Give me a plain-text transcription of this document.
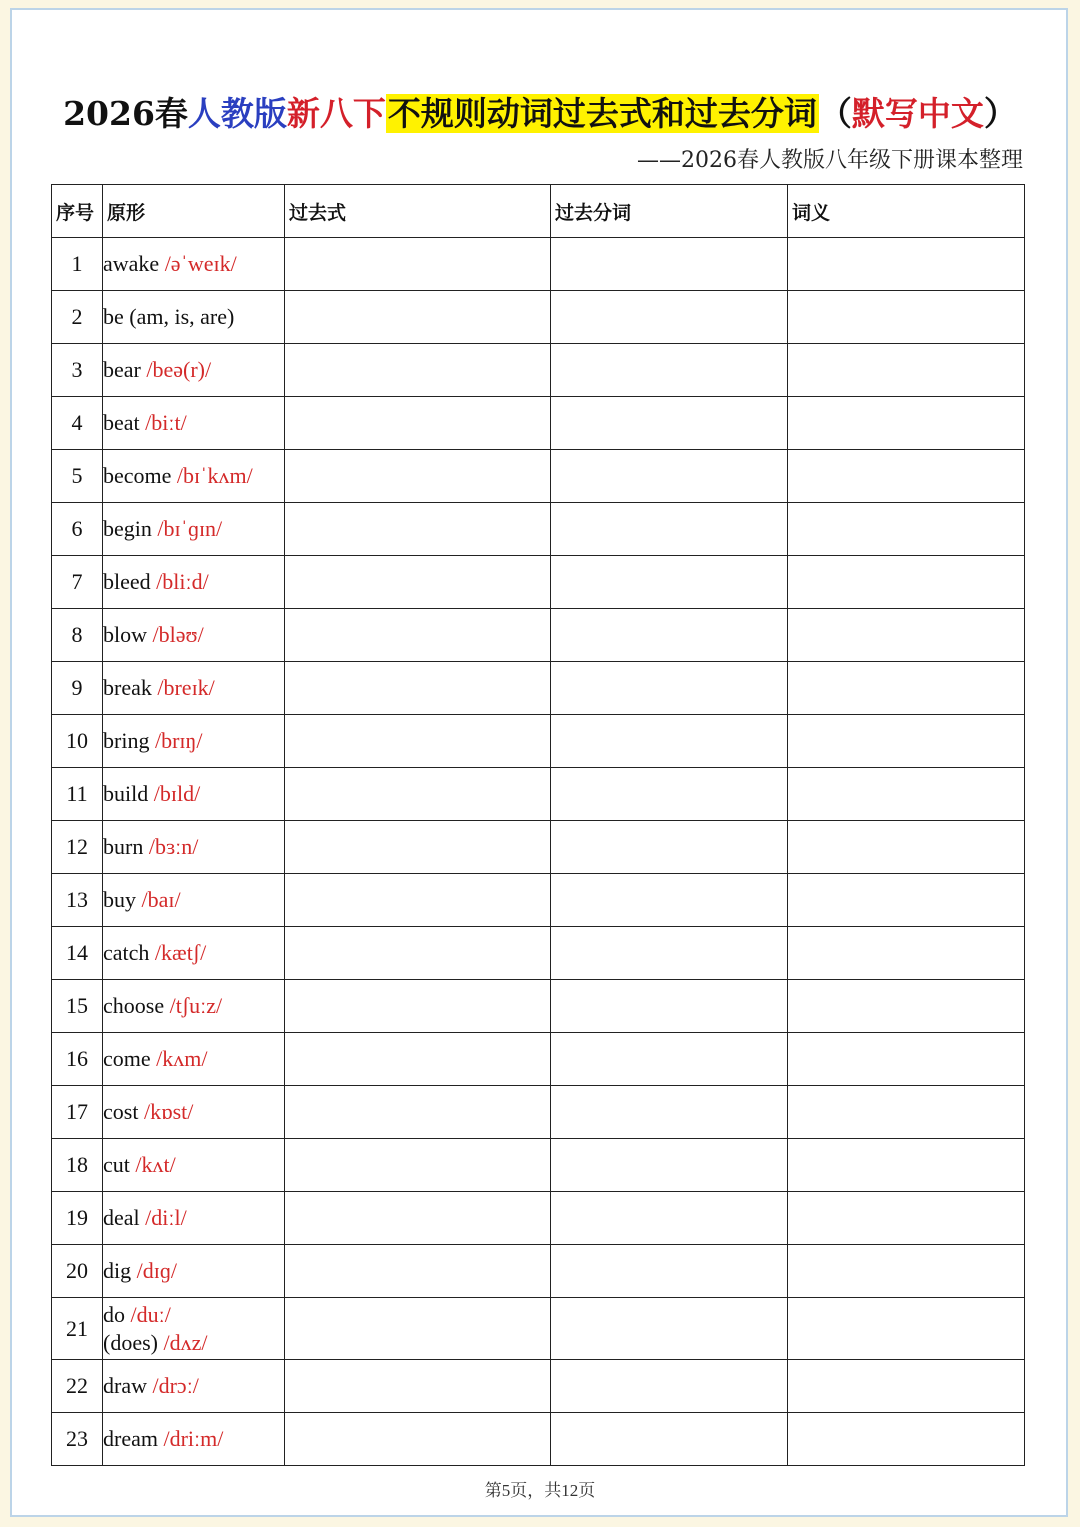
2026春人教版新八下不规则动词过去式和过去分词（默写中文）
——2026春人教版八年级下册课本整理
序号	原形	过去式	过去分词	词义
1	awake /əˈweɪk/			

2	be (am, is, are)			

3	bear /beə(r)/			

4	beat /biːt/			

5	become /bɪˈkʌm/			

6	begin /bɪˈɡɪn/			

7	bleed /bliːd/			

8	blow /bləʊ/			

9	break /breɪk/			

10	bring /brɪŋ/			

11	build /bɪld/			

12	burn /bɜːn/			

13	buy /baɪ/			

14	catch /kætʃ/			

15	choose /tʃuːz/			

16	come /kʌm/			

17	cost /kɒst/			

18	cut /kʌt/			

19	deal /diːl/			

20	dig /dɪɡ/			

21	do /duː/
(does) /dʌz/			

22	draw /drɔː/			

23	dream /driːm/			

第5页，共12页
